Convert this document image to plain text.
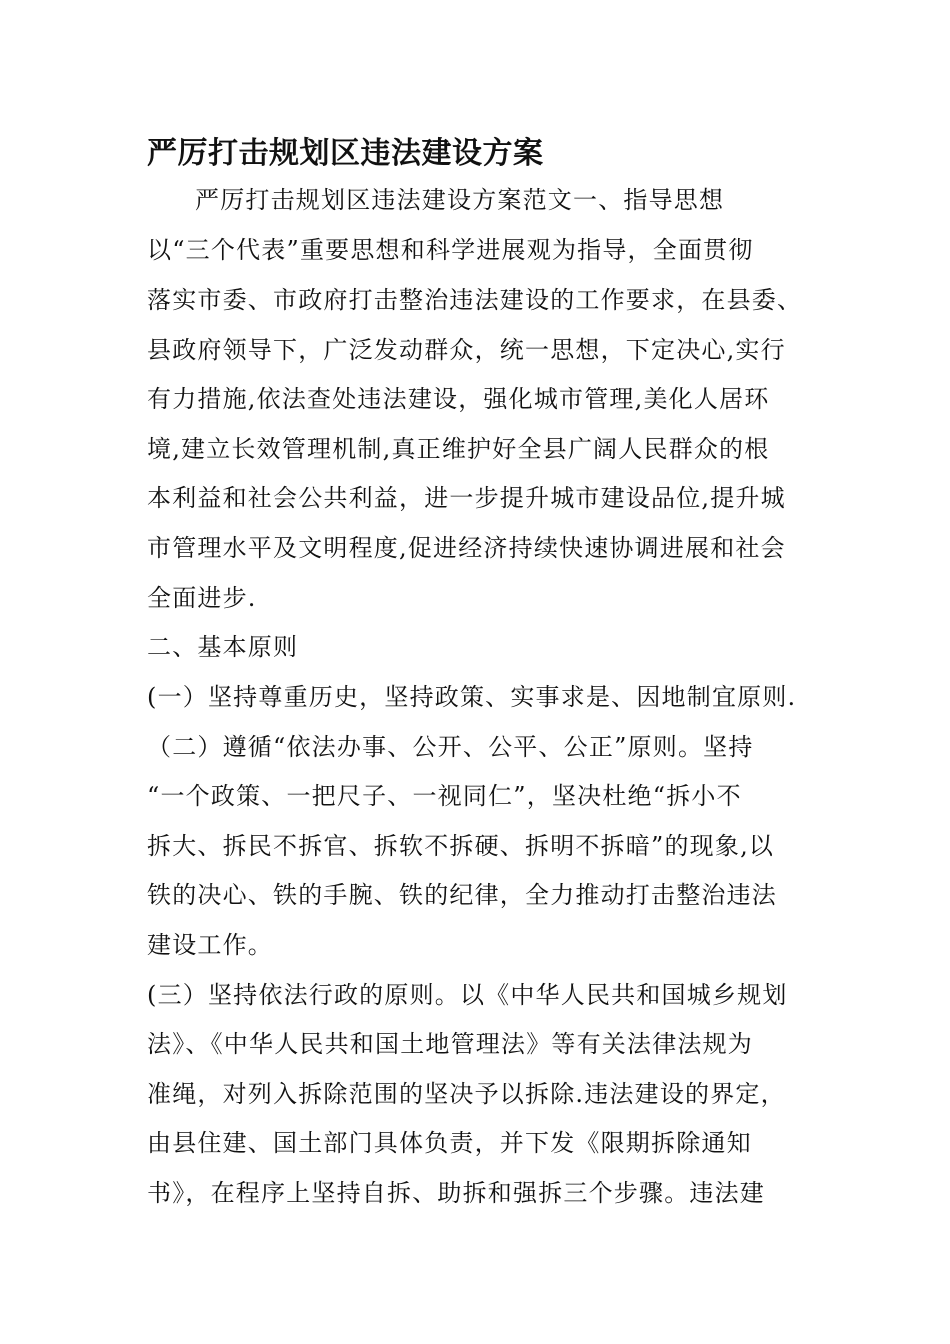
严厉打击规划区违法建设方案

严厉打击规划区违法建设方案范文一、指导思想

以“三个代表”重要思想和科学进展观为指导，全面贯彻

落实市委、市政府打击整治违法建设的工作要求，在县委、

县政府领导下，广泛发动群众，统一思想，下定决心,实行

有力措施,依法查处违法建设，强化城市管理,美化人居环

境,建立长效管理机制,真正维护好全县广阔人民群众的根

本利益和社会公共利益，进一步提升城市建设品位,提升城

市管理水平及文明程度,促进经济持续快速协调进展和社会

全面进步.

二、基本原则

(一）坚持尊重历史，坚持政策、实事求是、因地制宜原则.

（二）遵循“依法办事、公开、公平、公正”原则。坚持

“一个政策、一把尺子、一视同仁”，坚决杜绝“拆小不

拆大、拆民不拆官、拆软不拆硬、拆明不拆暗”的现象,以

铁的决心、铁的手腕、铁的纪律，全力推动打击整治违法

建设工作。

(三）坚持依法行政的原则。以《中华人民共和国城乡规划

法》、《中华人民共和国土地管理法》等有关法律法规为

准绳，对列入拆除范围的坚决予以拆除.违法建设的界定，

由县住建、国土部门具体负责，并下发《限期拆除通知

书》，在程序上坚持自拆、助拆和强拆三个步骤。违法建
